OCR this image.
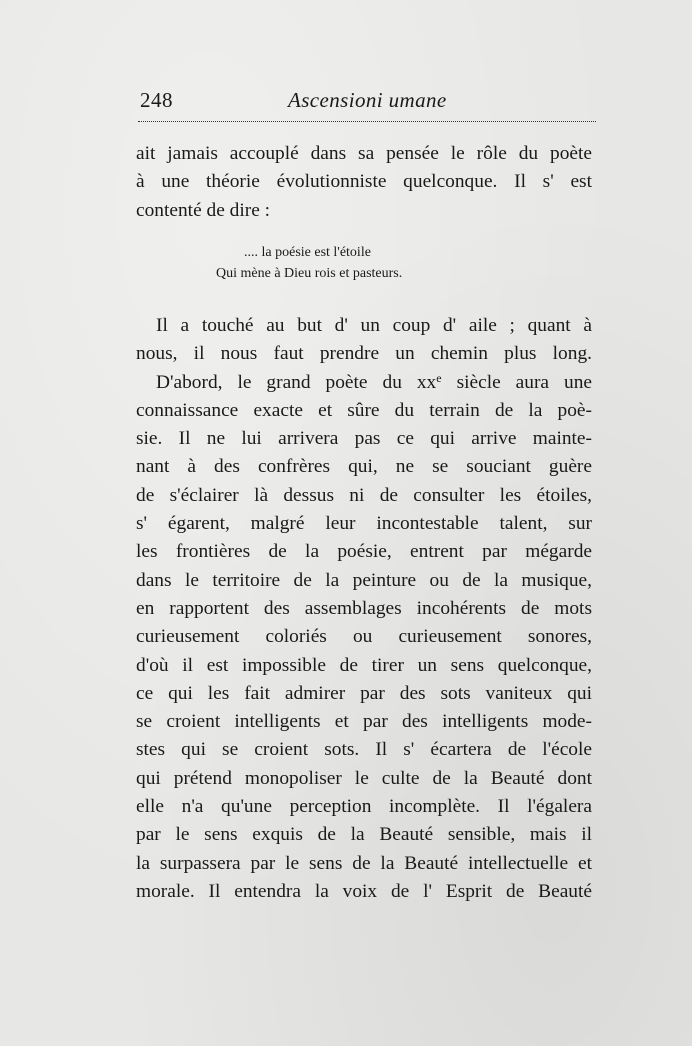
248	Ascensioni umane
ait jamais accouplé dans sa pensée le rôle du poète
à une théorie évolutionniste quelconque. Il s' est
contenté de dire :
.... la poésie est l'étoile
Qui mène à Dieu rois et pasteurs.
Il a touché au but d' un coup d' aile ; quant à
nous, il nous faut prendre un chemin plus long.
D'abord, le grand poète du $xx^e$ siècle aura une
connaissance exacte et sûre du terrain de la poè-
sie. Il ne lui arrivera pas ce qui arrive mainte-
nant à des confrères qui, ne se souciant guère
de s'éclairer là dessus ni de consulter les étoiles,
s' égarent, malgré leur incontestable talent, sur
les frontières de la poésie, entrent par mégarde
dans le territoire de la peinture ou de la musique,
en rapportent des assemblages incohérents de mots
curieusement coloriés ou curieusement sonores,
d'où il est impossible de tirer un sens quelconque,
ce qui les fait admirer par des sots vaniteux qui
se croient intelligents et par des intelligents mode-
stes qui se croient sots. Il s' écartera de l'école
qui prétend monopoliser le culte de la Beauté dont
elle n'a qu'une perception incomplète. Il l'égalera
par le sens exquis de la Beauté sensible, mais il
la surpassera par le sens de la Beauté intellectuelle et
morale. Il entendra la voix de l' Esprit de Beauté
